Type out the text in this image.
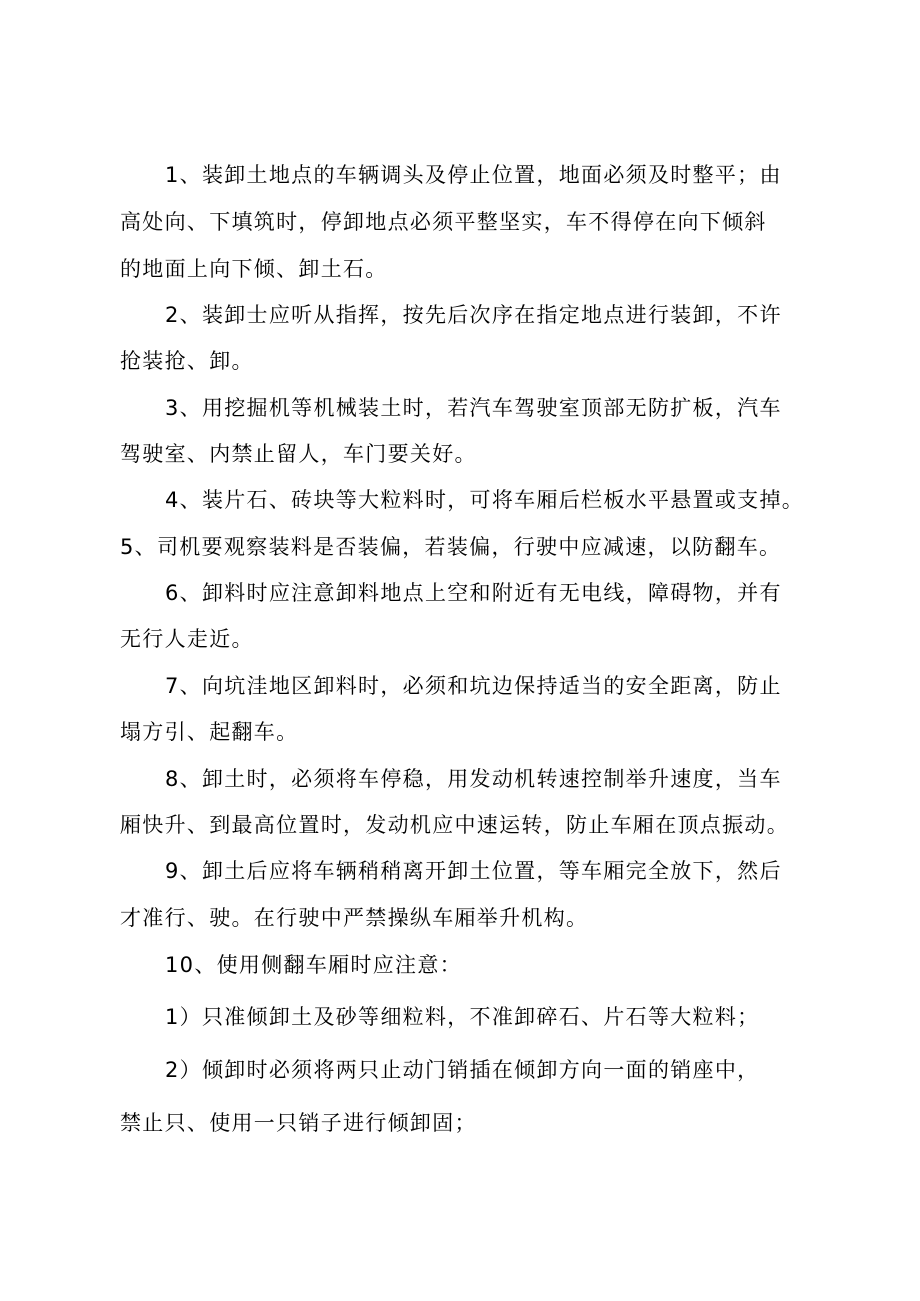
1、装卸土地点的车辆调头及停止位置，地面必须及时整平；由
高处向、下填筑时，停卸地点必须平整坚实，车不得停在向下倾斜
的地面上向下倾、卸土石。
2、装卸士应听从指挥，按先后次序在指定地点进行装卸，不许
抢装抢、卸。
3、用挖掘机等机械装土时，若汽车驾驶室顶部无防扩板，汽车
驾驶室、内禁止留人，车门要关好。
4、装片石、砖块等大粒料时，可将车厢后栏板水平悬置或支掉。
5、司机要观察装料是否装偏，若装偏，行驶中应减速，以防翻车。
6、卸料时应注意卸料地点上空和附近有无电线，障碍物，并有
无行人走近。
7、向坑洼地区卸料时，必须和坑边保持适当的安全距离，防止
塌方引、起翻车。
8、卸土时，必须将车停稳，用发动机转速控制举升速度，当车
厢快升、到最高位置时，发动机应中速运转，防止车厢在顶点振动。
9、卸土后应将车辆稍稍离开卸土位置，等车厢完全放下，然后
才准行、驶。在行驶中严禁操纵车厢举升机构。
10、使用侧翻车厢时应注意：
1）只准倾卸土及砂等细粒料，不准卸碎石、片石等大粒料；
2）倾卸时必须将两只止动门销插在倾卸方向一面的销座中，
禁止只、使用一只销子进行倾卸固；
